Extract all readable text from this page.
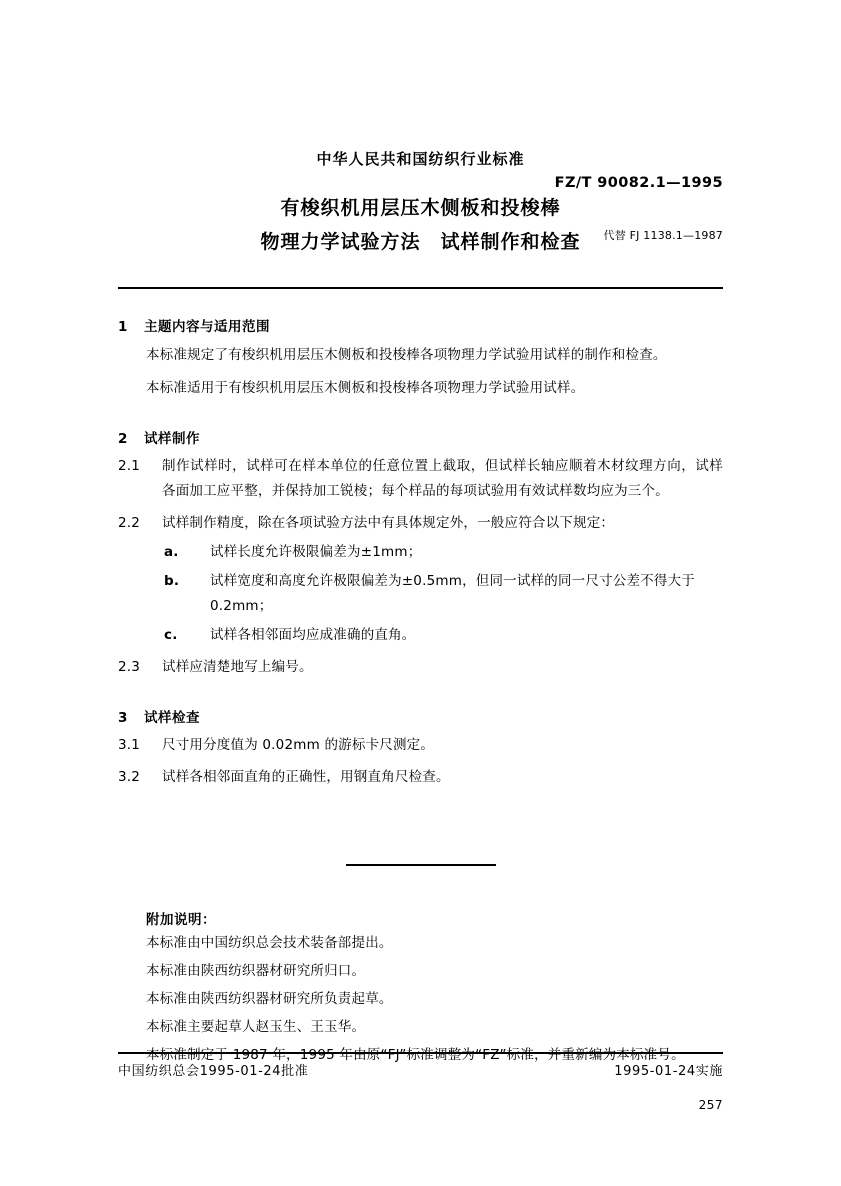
中华人民共和国纺织行业标准
FZ/T 90082.1—1995
有梭织机用层压木侧板和投梭棒
物理力学试验方法　试样制作和检查	代替 FJ 1138.1—1987
1 主题内容与适用范围
本标准规定了有梭织机用层压木侧板和投梭棒各项物理力学试验用试样的制作和检查。
本标准适用于有梭织机用层压木侧板和投梭棒各项物理力学试验用试样。
2 试样制作
2.1	制作试样时，试样可在样本单位的任意位置上截取，但试样长轴应顺着木材纹理方向，试样各面加工应平整，并保持加工锐棱；每个样品的每项试验用有效试样数均应为三个。
2.2	试样制作精度，除在各项试验方法中有具体规定外，一般应符合以下规定：
a. 试样长度允许极限偏差为±1mm；
b. 试样宽度和高度允许极限偏差为±0.5mm，但同一试样的同一尺寸公差不得大于 0.2mm；
c. 试样各相邻面均应成准确的直角。
2.3	试样应清楚地写上编号。
3 试样检查
3.1	尺寸用分度值为 0.02mm 的游标卡尺测定。
3.2	试样各相邻面直角的正确性，用钢直角尺检查。
附加说明：
本标准由中国纺织总会技术装备部提出。
本标准由陕西纺织器材研究所归口。
本标准由陕西纺织器材研究所负责起草。
本标准主要起草人赵玉生、王玉华。
本标准制定于 1987 年，1995 年由原“FJ”标准调整为“FZ”标准，并重新编为本标准号。
中国纺织总会1995-01-24批准	1995-01-24实施
257
